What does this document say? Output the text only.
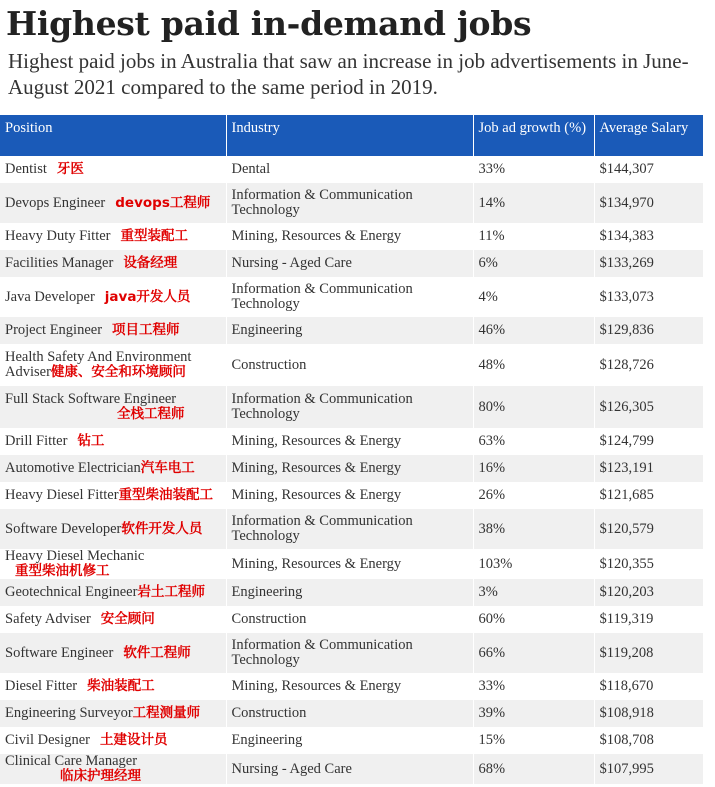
Highest paid in-demand jobs

Highest paid jobs in Australia that saw an increase in job advertisements in June-August 2021 compared to the same period in 2019.

Position	Industry	Job ad growth (%)	Average Salary
Dentist 牙医	Dental	33%	$144,307
Devops Engineer devops工程师	Information & Communication Technology	14%	$134,970
Heavy Duty Fitter 重型装配工	Mining, Resources & Energy	11%	$134,383
Facilities Manager 设备经理	Nursing - Aged Care	6%	$133,269
Java Developer java开发人员	Information & Communication Technology	4%	$133,073
Project Engineer 项目工程师	Engineering	46%	$129,836
Health Safety And Environment Adviser健康、安全和环境顾问	Construction	48%	$128,726
Full Stack Software Engineer
全栈工程师	Information & Communication Technology	80%	$126,305
Drill Fitter 钻工	Mining, Resources & Energy	63%	$124,799
Automotive Electrician汽车电工	Mining, Resources & Energy	16%	$123,191
Heavy Diesel Fitter重型柴油装配工	Mining, Resources & Energy	26%	$121,685
Software Developer软件开发人员	Information & Communication Technology	38%	$120,579
Heavy Diesel Mechanic重型柴油机修工	Mining, Resources & Energy	103%	$120,355
Geotechnical Engineer岩土工程师	Engineering	3%	$120,203
Safety Adviser 安全顾问	Construction	60%	$119,319
Software Engineer 软件工程师	Information & Communication Technology	66%	$119,208
Diesel Fitter 柴油装配工	Mining, Resources & Energy	33%	$118,670
Engineering Surveyor工程测量师	Construction	39%	$108,918
Civil Designer 土建设计员	Engineering	15%	$108,708
Clinical Care Manager
临床护理经理	Nursing - Aged Care	68%	$107,995
